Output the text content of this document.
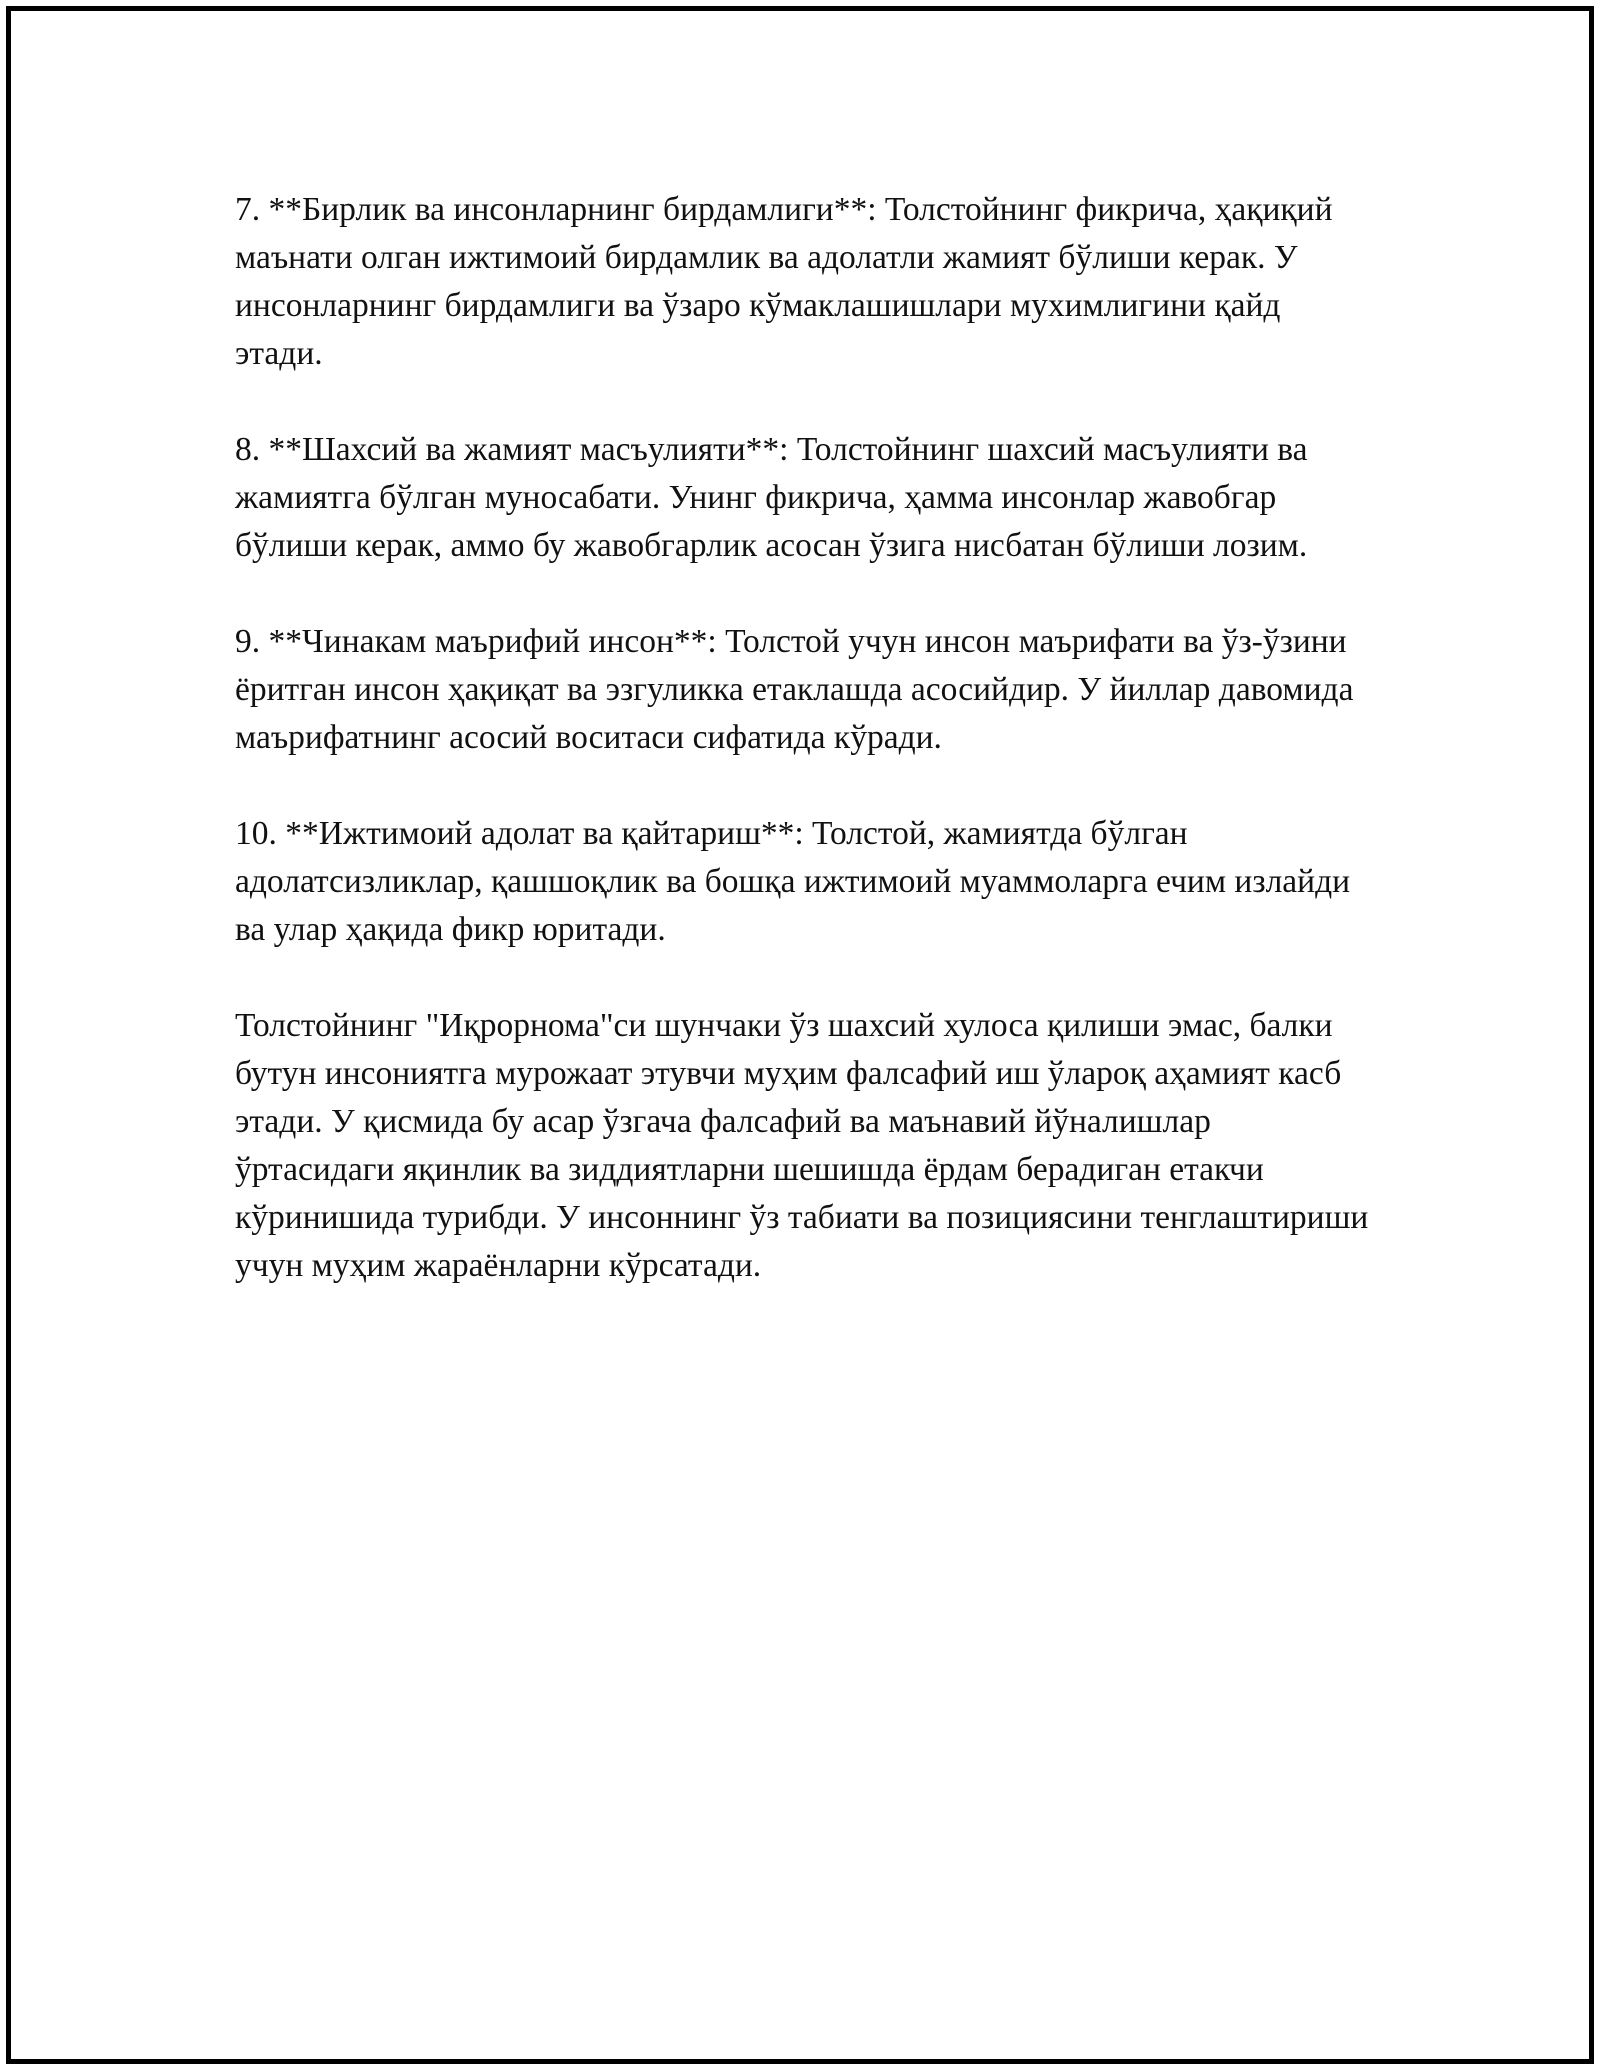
7. **Бирлик ва инсонларнинг бирдамлиги**: Толстойнинг фикрича, ҳақиқий маънати олган ижтимоий бирдамлик ва адолатли жамият бўлиши керак. У инсонларнинг бирдамлиги ва ўзаро кўмаклашишлари мухимлигини қайд этади.

8. **Шахсий ва жамият масъулияти**: Толстойнинг шахсий масъулияти ва жамиятга бўлган муносабати. Унинг фикрича, ҳамма инсонлар жавобгар бўлиши керак, аммо бу жавобгарлик асосан ўзига нисбатан бўлиши лозим.

9. **Чинакам маърифий инсон**: Толстой учун инсон маърифати ва ўз-ўзини ёритган инсон ҳақиқат ва эзгуликка етаклашда асосийдир. У йиллар давомида маърифатнинг асосий воситаси сифатида кўради.

10. **Ижтимоий адолат ва қайтариш**: Толстой, жамиятда бўлган адолатсизликлар, қашшоқлик ва бошқа ижтимоий муаммоларга ечим излайди ва улар ҳақида фикр юритади.

Толстойнинг "Иқрорнома"си шунчаки ўз шахсий хулоса қилиши эмас, балки бутун инсониятга мурожаат этувчи муҳим фалсафий иш ўлароқ аҳамият касб этади. У қисмида бу асар ўзгача фалсафий ва маънавий йўналишлар ўртасидаги яқинлик ва зиддиятларни шешишда ёрдам берадиган етакчи кўринишида турибди. У инсоннинг ўз табиати ва позициясини тенглаштириши учун муҳим жараёнларни кўрсатади.
